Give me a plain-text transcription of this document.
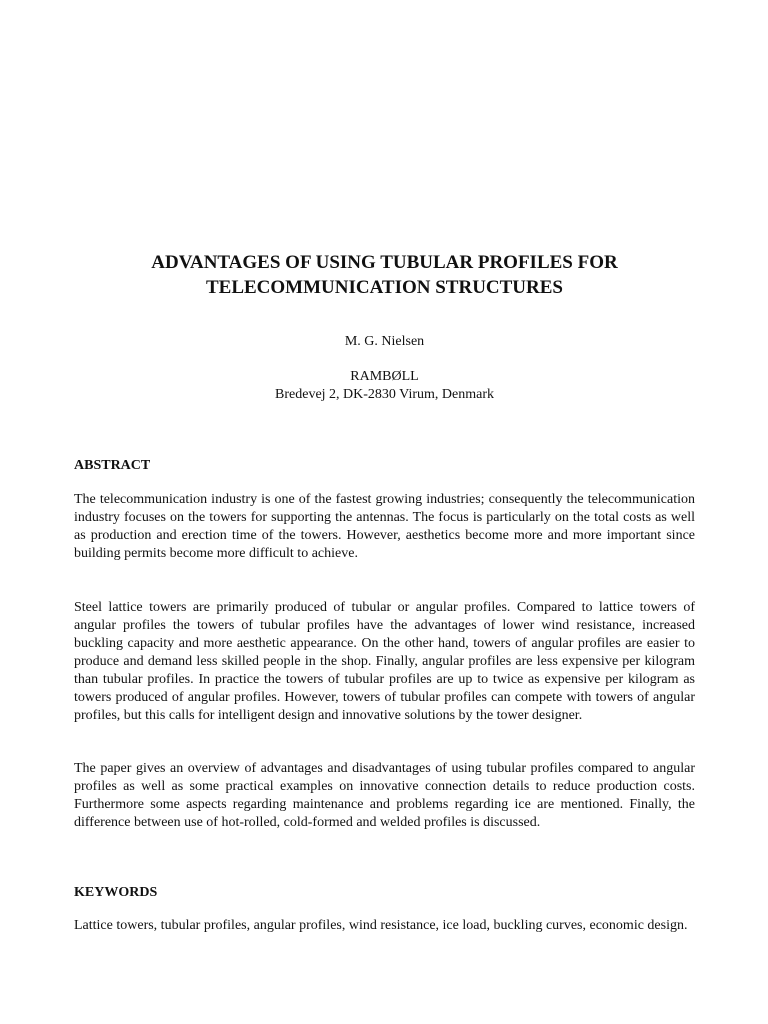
ADVANTAGES OF USING TUBULAR PROFILES FOR
TELECOMMUNICATION STRUCTURES

M. G. Nielsen

RAMBØLL
Bredevej 2, DK-2830 Virum, Denmark

ABSTRACT

The telecommunication industry is one of the fastest growing industries; consequently the telecommunication industry focuses on the towers for supporting the antennas. The focus is particularly on the total costs as well as production and erection time of the towers. However, aesthetics become more and more important since building permits become more difficult to achieve.

Steel lattice towers are primarily produced of tubular or angular profiles. Compared to lattice towers of angular profiles the towers of tubular profiles have the advantages of lower wind resistance, increased buckling capacity and more aesthetic appearance. On the other hand, towers of angular profiles are easier to produce and demand less skilled people in the shop. Finally, angular profiles are less expensive per kilogram than tubular profiles. In practice the towers of tubular profiles are up to twice as expensive per kilogram as towers produced of angular profiles. However, towers of tubular profiles can compete with towers of angular profiles, but this calls for intelligent design and innovative solutions by the tower designer.

The paper gives an overview of advantages and disadvantages of using tubular profiles compared to angular profiles as well as some practical examples on innovative connection details to reduce production costs. Furthermore some aspects regarding maintenance and problems regarding ice are mentioned. Finally, the difference between use of hot-rolled, cold-formed and welded profiles is discussed.

KEYWORDS

Lattice towers, tubular profiles, angular profiles, wind resistance, ice load, buckling curves, economic design.
